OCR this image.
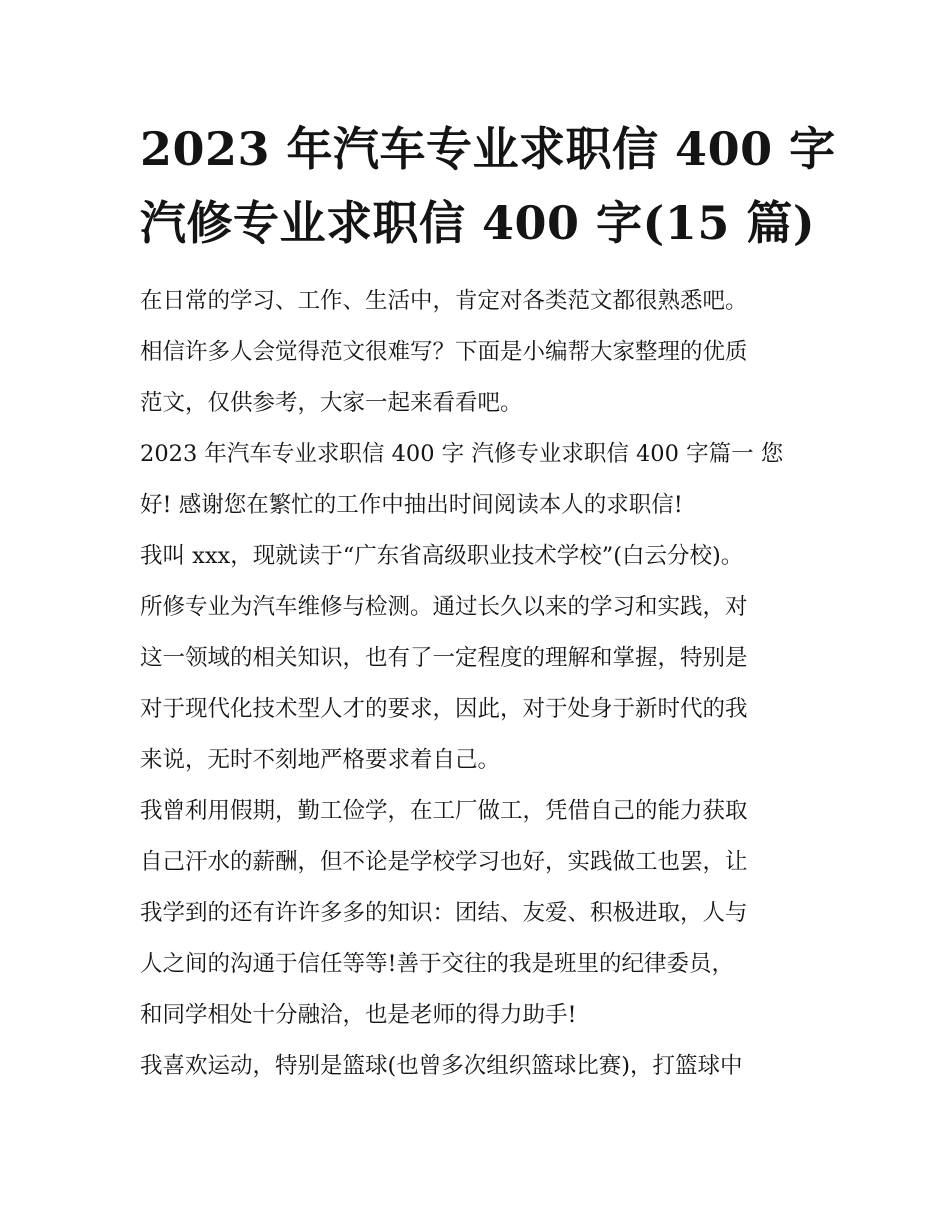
2023 年汽车专业求职信 400 字
汽修专业求职信 400 字(15 篇)

在日常的学习、工作、生活中，肯定对各类范文都很熟悉吧。

相信许多人会觉得范文很难写？下面是小编帮大家整理的优质

范文，仅供参考，大家一起来看看吧。

2023 年汽车专业求职信 400 字 汽修专业求职信 400 字篇一 您

好! 感谢您在繁忙的工作中抽出时间阅读本人的求职信!

我叫 xxx，现就读于“广东省高级职业技术学校”(白云分校)。

所修专业为汽车维修与检测。通过长久以来的学习和实践，对

这一领域的相关知识，也有了一定程度的理解和掌握，特别是

对于现代化技术型人才的要求，因此，对于处身于新时代的我

来说，无时不刻地严格要求着自己。

我曾利用假期，勤工俭学，在工厂做工，凭借自己的能力获取

自己汗水的薪酬，但不论是学校学习也好，实践做工也罢，让

我学到的还有许许多多的知识：团结、友爱、积极进取，人与

人之间的沟通于信任等等!善于交往的我是班里的纪律委员，

和同学相处十分融洽，也是老师的得力助手!

我喜欢运动，特别是篮球(也曾多次组织篮球比赛)，打篮球中
